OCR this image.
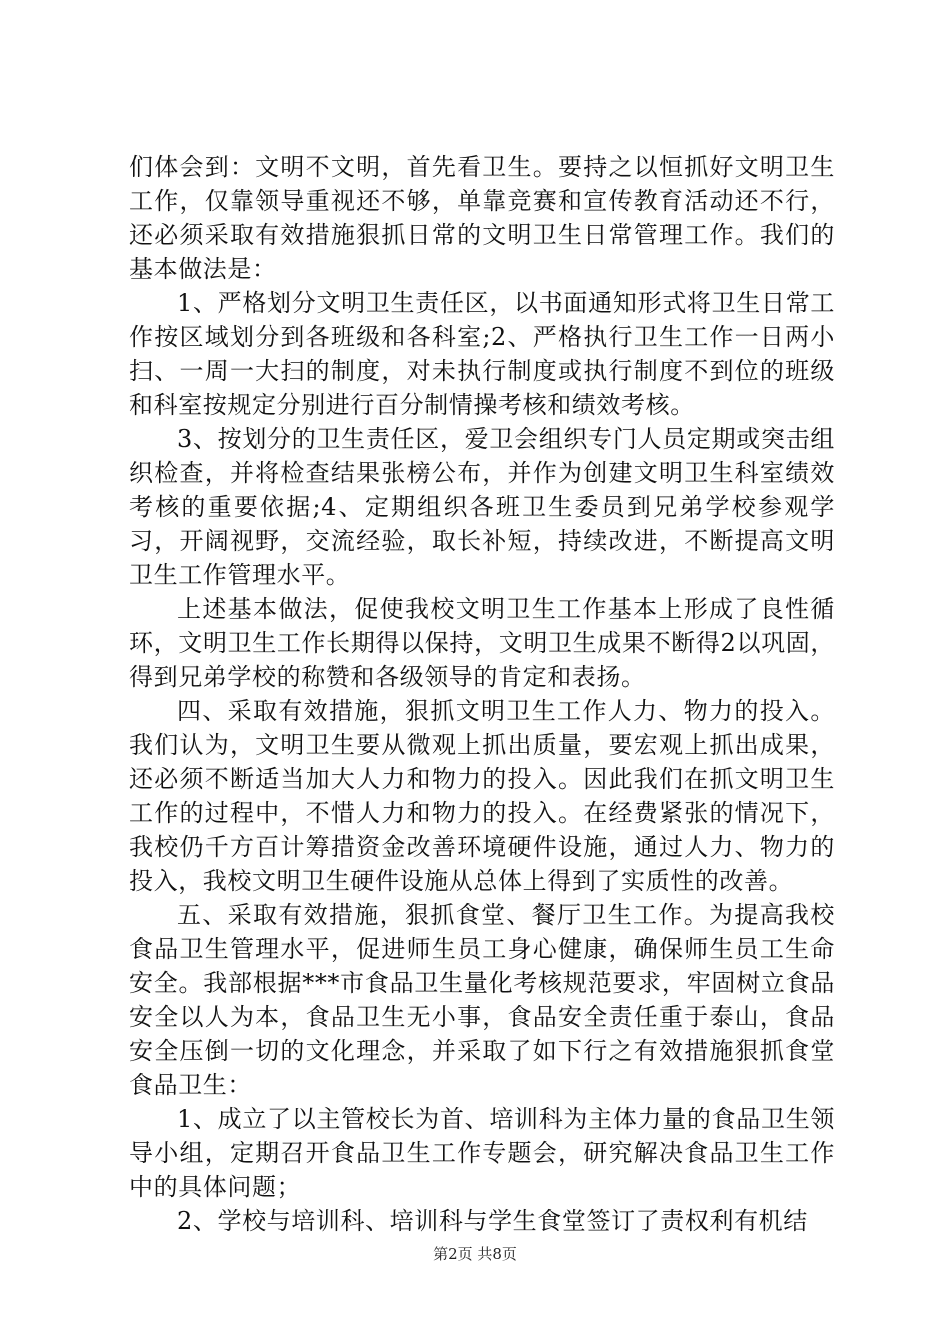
们体会到：文明不文明，首先看卫生。要持之以恒抓好文明卫生工作，仅靠领导重视还不够，单靠竞赛和宣传教育活动还不行，还必须采取有效措施狠抓日常的文明卫生日常管理工作。我们的基本做法是：

1、严格划分文明卫生责任区，以书面通知形式将卫生日常工作按区域划分到各班级和各科室;2、严格执行卫生工作一日两小扫、一周一大扫的制度，对未执行制度或执行制度不到位的班级和科室按规定分别进行百分制情操考核和绩效考核。

3、按划分的卫生责任区，爱卫会组织专门人员定期或突击组织检查，并将检查结果张榜公布，并作为创建文明卫生科室绩效考核的重要依据;4、定期组织各班卫生委员到兄弟学校参观学习，开阔视野，交流经验，取长补短，持续改进，不断提高文明卫生工作管理水平。

上述基本做法，促使我校文明卫生工作基本上形成了良性循环，文明卫生工作长期得以保持，文明卫生成果不断得2以巩固，得到兄弟学校的称赞和各级领导的肯定和表扬。

四、采取有效措施，狠抓文明卫生工作人力、物力的投入。我们认为，文明卫生要从微观上抓出质量，要宏观上抓出成果，还必须不断适当加大人力和物力的投入。因此我们在抓文明卫生工作的过程中，不惜人力和物力的投入。在经费紧张的情况下，我校仍千方百计筹措资金改善环境硬件设施，通过人力、物力的投入，我校文明卫生硬件设施从总体上得到了实质性的改善。

五、采取有效措施，狠抓食堂、餐厅卫生工作。为提高我校食品卫生管理水平，促进师生员工身心健康，确保师生员工生命安全。我部根据***市食品卫生量化考核规范要求，牢固树立食品安全以人为本，食品卫生无小事，食品安全责任重于泰山，食品安全压倒一切的文化理念，并采取了如下行之有效措施狠抓食堂食品卫生：

1、成立了以主管校长为首、培训科为主体力量的食品卫生领导小组，定期召开食品卫生工作专题会，研究解决食品卫生工作中的具体问题；

2、学校与培训科、培训科与学生食堂签订了责权利有机结

第2页 共8页
